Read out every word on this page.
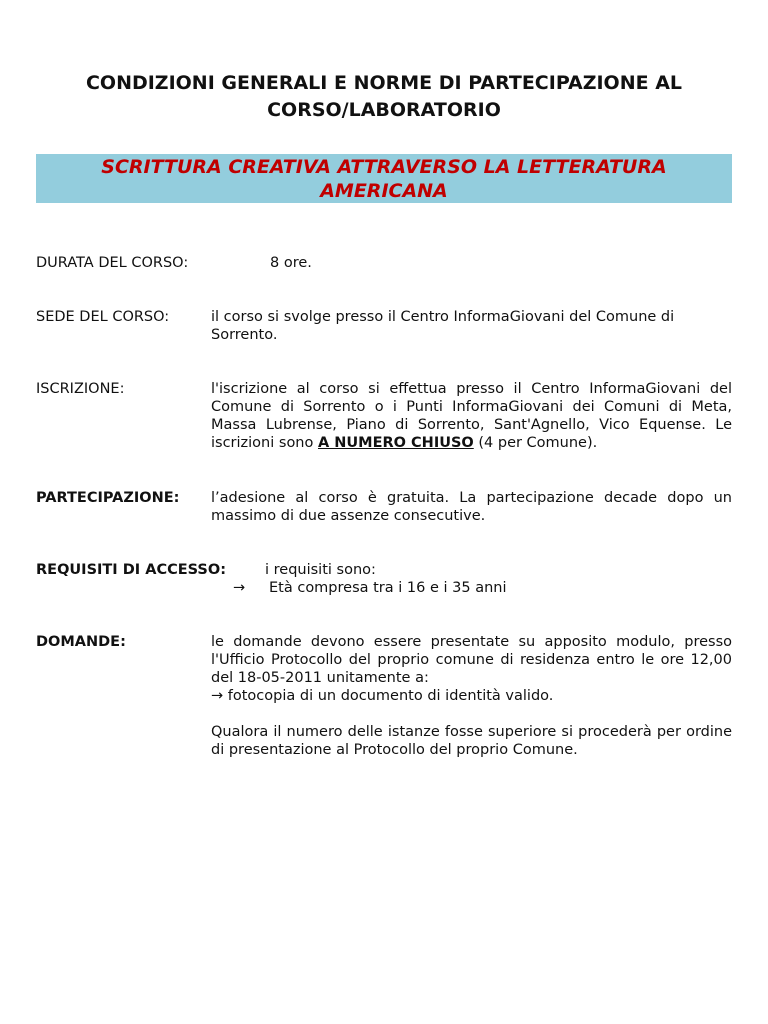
CONDIZIONI GENERALI E NORME DI PARTECIPAZIONE AL
CORSO/LABORATORIO
SCRITTURA CREATIVA ATTRAVERSO LA LETTERATURA
AMERICANA
DURATA DEL CORSO:	8 ore.
SEDE DEL CORSO:	il corso si svolge presso il Centro InformaGiovani del Comune di Sorrento.
ISCRIZIONE:	l'iscrizione al corso si effettua presso il Centro InformaGiovani del Comune di Sorrento o i Punti InformaGiovani dei Comuni di Meta, Massa Lubrense, Piano di Sorrento, Sant'Agnello, Vico Equense. Le iscrizioni sono A NUMERO CHIUSO (4 per Comune).
PARTECIPAZIONE: l’adesione al corso è gratuita. La partecipazione decade dopo un massimo di due assenze consecutive.
REQUISITI DI ACCESSO:	i requisiti sono:
→ Età compresa tra i 16 e i 35 anni
DOMANDE:	le domande devono essere presentate su apposito modulo, presso l'Ufficio Protocollo del proprio comune di residenza entro le ore 12,00 del 18-05-2011 unitamente a:
→ fotocopia di un documento di identità valido.
Qualora il numero delle istanze fosse superiore si procederà per ordine di presentazione al Protocollo del proprio Comune.
